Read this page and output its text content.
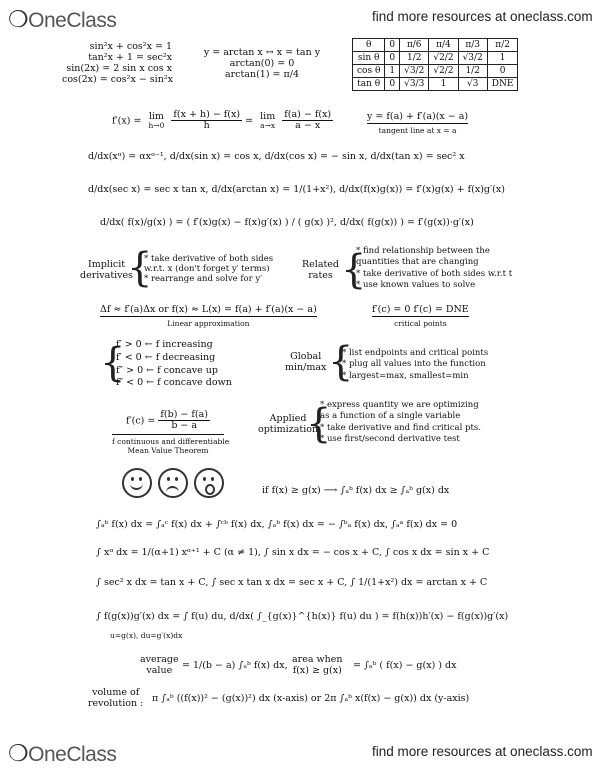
❍OneClass	find more resources at oneclass.com
sin²x + cos²x = 1
tan²x + 1 = sec²x
sin(2x) = 2 sin x cos x
cos(2x) = cos²x − sin²x
y = arctan x ↔ x = tan y
arctan(0) = 0
arctan(1) = π/4
θ	0	π/6	π/4	π/3	π/2
sin θ	0	1/2	√2/2	√3/2	1
cos θ	1	√3/2	√2/2	1/2	0
tan θ	0	√3/3	1	√3	DNE
f′(x) = lim
h→0
$\frac{f(x + h) - f(x)}{h} = \lim$
a→x
$\frac{f(a) - f(x)}{a - x}$	y = f(a) + f′(a)(x − a)
tangent line at x = a
d/dx(xᵅ) = αxᵅ⁻¹, d/dx(sin x) = cos x, d/dx(cos x) = − sin x, d/dx(tan x) = sec² x
d/dx(sec x) = sec x tan x, d/dx(arctan x) = 1/(1+x²), d/dx(f(x)g(x)) = f′(x)g(x) + f(x)g′(x)
d/dx( f(x)/g(x) ) = ( f′(x)g(x) − f(x)g′(x) ) / ( g(x) )², d/dx( f(g(x)) ) = f′(g(x))·g′(x)
Implicit
derivatives
{
* take derivative of both sides
w.r.t. x (don't forget y′ terms)
* rearrange and solve for y′
Related
rates {
* find relationship between the
quantities that are changing
* take derivative of both sides w.r.t t
* use known values to solve
Δf ≈ f′(a)Δx or f(x) ≈ L(x) = f(a) + f′(a)(x − a)
Linear approximation
f′(c) = 0 f′(c) = DNE
critical points
{
f′ > 0 ← f increasing
f′ < 0 ← f decreasing
f″ > 0 ← f concave up
f″ < 0 ← f concave down
Global
min/max {
* list endpoints and critical points
* plug all values into the function
* largest=max, smallest=min
$f'(c) = \frac{f(b) - f(a)}{b - a}$
f continuous and differentiable
Mean Value Theorem
Applied
optimization
{
* express quantity we are optimizing
as a function of a single variable
* take derivative and find critical pts.
* use first/second derivative test
if f(x) ≥ g(x) ⟶ ∫ₐᵇ f(x) dx ≥ ∫ₐᵇ g(x) dx
∫ₐᵇ f(x) dx = ∫ₐᶜ f(x) dx + ∫ᶜᵇ f(x) dx, ∫ₐᵇ f(x) dx = − ∫ᵇₐ f(x) dx, ∫ₐᵃ f(x) dx = 0
∫ xᵅ dx = 1/(α+1) xᵅ⁺¹ + C (α ≠ 1), ∫ sin x dx = − cos x + C, ∫ cos x dx = sin x + C
∫ sec² x dx = tan x + C, ∫ sec x tan x dx = sec x + C, ∫ 1/(1+x²) dx = arctan x + C
∫ f(g(x))g′(x) dx = ∫ f(u) du, d/dx( ∫_{g(x)}^{h(x)} f(u) du ) = f(h(x))h′(x) − f(g(x))g′(x)
u=g(x), du=g′(x)dx
average
value	= 1/(b − a) ∫ₐᵇ f(x) dx,
area when
f(x) ≥ g(x) = ∫ₐᵇ ( f(x) − g(x) ) dx
volume of
revolution : π ∫ₐᵇ ((f(x))² − (g(x))²) dx (x-axis) or 2π ∫ₐᵇ x(f(x) − g(x)) dx (y-axis)
❍OneClass	find more resources at oneclass.com
